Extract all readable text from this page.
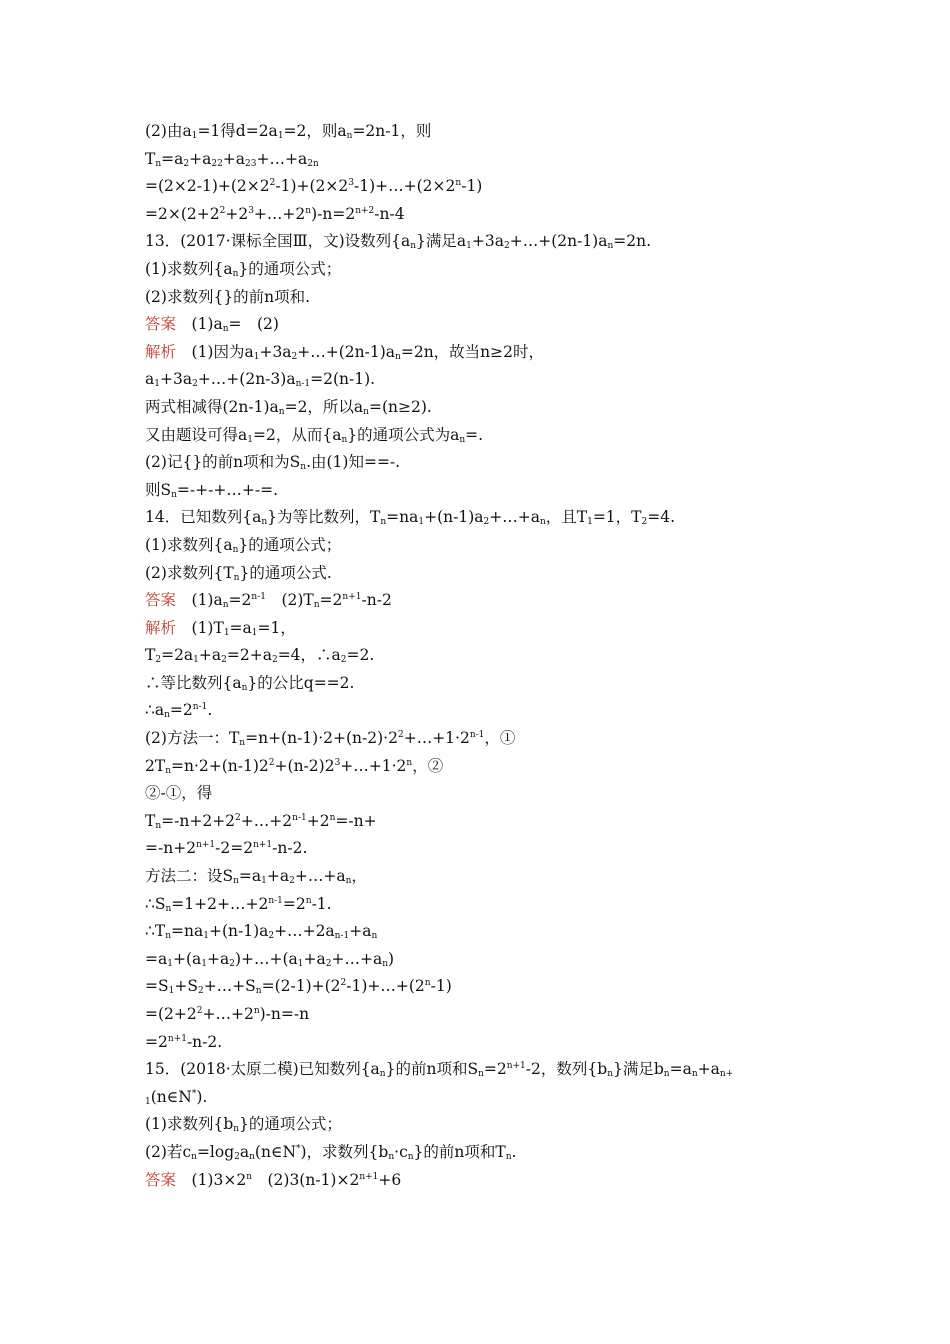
(2)由$a_1=1$得$d=2a_1=2$，则$a_n=2n-1$，则
$T_n=a_2+a_{22}+a_{23}+\dots+a_{2n}$
$=(2\times 2-1)+(2\times 2^2-1)+(2\times 2^3-1)+\dots+(2\times 2^n-1)$
$=2\times(2+2^2+2^3+\dots+2^n)-n=2^{n+2}-n-4$
13．(2017·课标全国Ⅲ，文)设数列$\{a_n\}$满足$a_1+3a_2+\dots+(2n-1)a_n=2n$.
(1)求数列$\{a_n\}$的通项公式；
(2)求数列{}的前n项和.
答案　$(1)a_n=$　(2)
解析　(1)因为$a_1+3a_2+\dots+(2n-1)a_n=2n$，故当n≥2时，
$a_1+3a_2+\dots+(2n-3)a_{n-1}=2(n-1)$.
两式相减得$(2n-1)a_n=2$，所以$a_n=(n\ge 2)$.
又由题设可得$a_1=2$，从而$\{a_n\}$的通项公式为$a_n=$.
(2)记{}的前n项和为$S_n$.由(1)知==-.
则$S_n=-+-+\dots+-=$.
14．已知数列$\{a_n\}$为等比数列，$T_n=na_1+(n-1)a_2+\dots+a_n$，且$T_1=1$，$T_2=4$.
(1)求数列$\{a_n\}$的通项公式；
(2)求数列$\{T_n\}$的通项公式.
答案　$(1)a_n=2^{n-1}$　$(2)T_n=2^{n+1}-n-2$
解析　$(1)T_1=a_1=1$，
$T_2=2a_1+a_2=2+a_2=4$，$\therefore a_2=2$.
∴等比数列$\{a_n\}$的公比q==2.
$\therefore a_n=2^{n-1}$.
(2)方法一：$T_n=n+(n-1)\cdot 2+(n-2)\cdot 2^2+\dots+1\cdot 2^{n-1}$，①
$2T_n=n\cdot 2+(n-1)2^2+(n-2)2^3+\dots+1\cdot 2^n$，②
②-①，得
$T_n=-n+2+2^2+\dots+2^{n-1}+2^n=-n+$
$=-n+2^{n+1}-2=2^{n+1}-n-2$.
方法二：设$S_n=a_1+a_2+\dots+a_n$，
$\therefore S_n=1+2+\dots+2^{n-1}=2^n-1$.
$\therefore T_n=na_1+(n-1)a_2+\dots+2a_{n-1}+a_n$
$=a_1+(a_1+a_2)+\dots+(a_1+a_2+\dots+a_n)$
$=S_1+S_2+\dots+S_n=(2-1)+(2^2-1)+\dots+(2^n-1)$
$=(2+2^2+\dots+2^n)-n=-n$
$=2^{n+1}-n-2$.
15．(2018·太原二模)已知数列$\{a_n\}$的前n项和$S_n=2^{n+1}-2$，数列$\{b_n\}$满足$b_n=a_n+a_{n+}$
$_1$(n∈N*).
(1)求数列$\{b_n\}$的通项公式；
(2)若$c_n=\log_2a_n(n\in N^*)$，求数列$\{b_n\cdot c_n\}$的前n项和$T_n$.
答案　$(1)3\times 2^n$　$(2)3(n-1)\times 2^{n+1}+6$
